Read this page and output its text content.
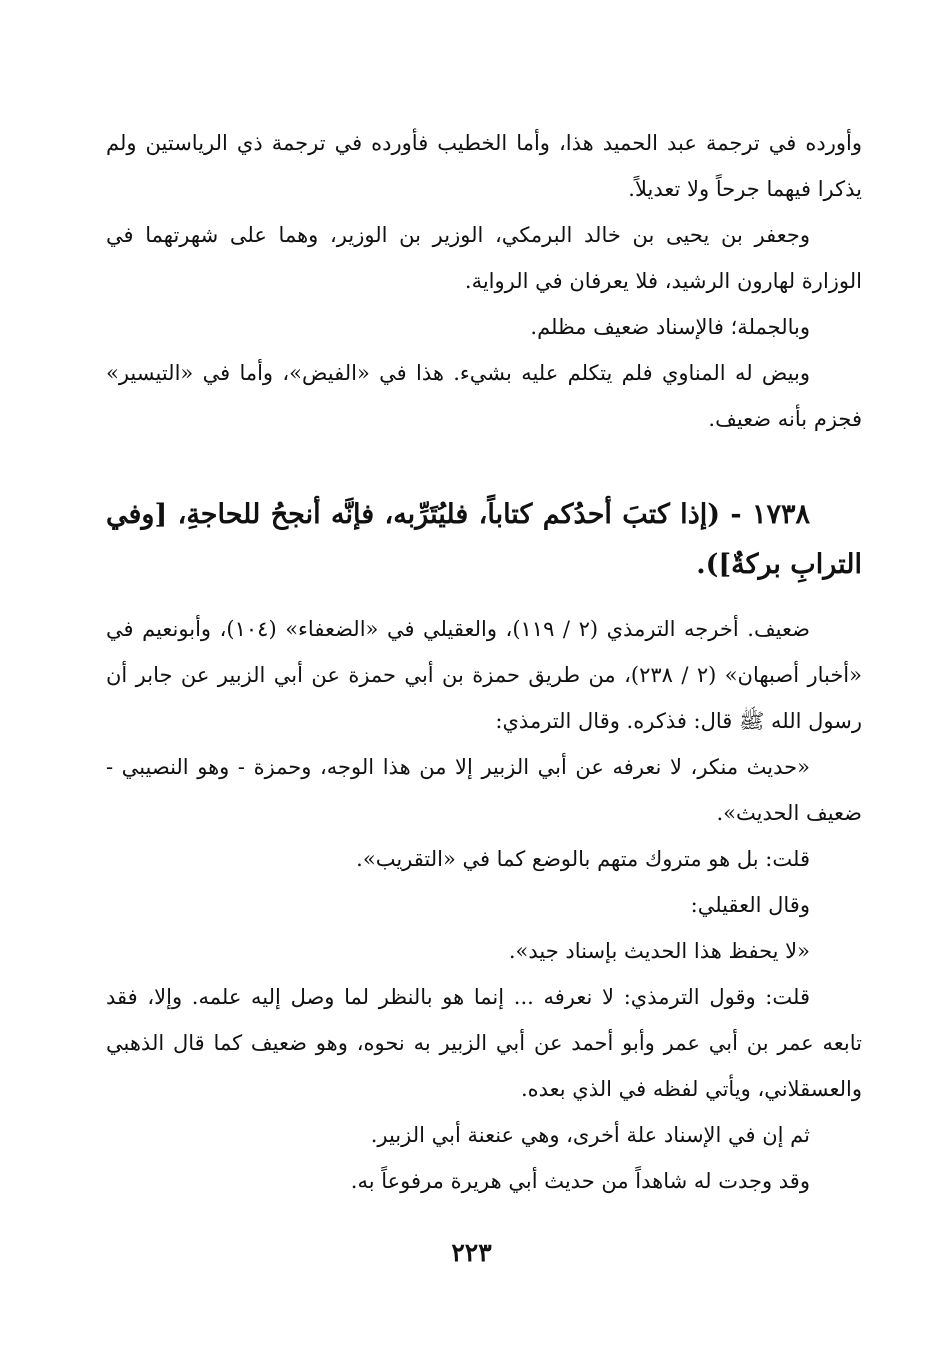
وأورده في ترجمة عبد الحميد هذا، وأما الخطيب فأورده في ترجمة ذي الرياستين ولم يذكرا فيهما جرحاً ولا تعديلاً.

وجعفر بن يحيى بن خالد البرمكي، الوزير بن الوزير، وهما على شهرتهما في الوزارة لهارون الرشيد، فلا يعرفان في الرواية.

وبالجملة؛ فالإسناد ضعيف مظلم.

وبيض له المناوي فلم يتكلم عليه بشيء. هذا في «الفيض»، وأما في «التيسير» فجزم بأنه ضعيف.

١٧٣٨ - (إذا كتبَ أحدُكم كتاباً، فليُتَرِّبه، فإنَّه أنجحُ للحاجةِ، [وفي الترابِ بركةٌ]).

ضعيف. أخرجه الترمذي (٢ / ١١٩)، والعقيلي في «الضعفاء» (١٠٤)، وأبونعيم في «أخبار أصبهان» (٢ / ٢٣٨)، من طريق حمزة بن أبي حمزة عن أبي الزبير عن جابر أن رسول الله ﷺ قال: فذكره. وقال الترمذي:

«حديث منكر، لا نعرفه عن أبي الزبير إلا من هذا الوجه، وحمزة - وهو النصيبي - ضعيف الحديث».

قلت: بل هو متروك متهم بالوضع كما في «التقريب».

وقال العقيلي:

«لا يحفظ هذا الحديث بإسناد جيد».

قلت: وقول الترمذي: لا نعرفه ... إنما هو بالنظر لما وصل إليه علمه. وإلا، فقد تابعه عمر بن أبي عمر وأبو أحمد عن أبي الزبير به نحوه، وهو ضعيف كما قال الذهبي والعسقلاني، ويأتي لفظه في الذي بعده.

ثم إن في الإسناد علة أخرى، وهي عنعنة أبي الزبير.

وقد وجدت له شاهداً من حديث أبي هريرة مرفوعاً به.

٢٢٣
